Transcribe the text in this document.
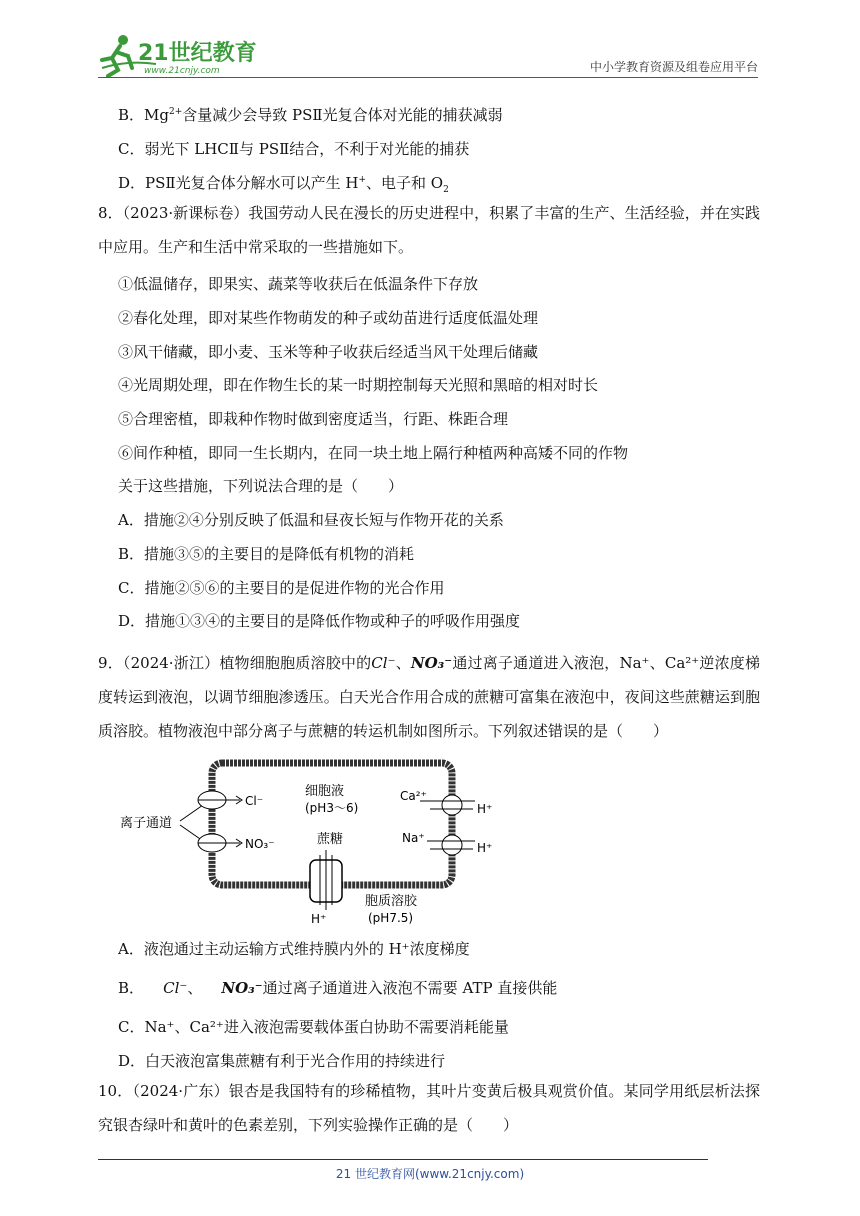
21世纪教育
www.21cnjy.com	中小学教育资源及组卷应用平台
B．$Mg^{2+}$含量减少会导致 PSⅡ光复合体对光能的捕获减弱
C．弱光下 LHCⅡ与 PSⅡ结合，不利于对光能的捕获
D．PSⅡ光复合体分解水可以产生 H+、电子和 $O_2$

8．（2023·新课标卷）我国劳动人民在漫长的历史进程中，积累了丰富的生产、生活经验，并在实践中应用。生产和生活中常采取的一些措施如下。

①低温储存，即果实、蔬菜等收获后在低温条件下存放
②春化处理，即对某些作物萌发的种子或幼苗进行适度低温处理
③风干储藏，即小麦、玉米等种子收获后经适当风干处理后储藏
④光周期处理，即在作物生长的某一时期控制每天光照和黑暗的相对时长
⑤合理密植，即栽种作物时做到密度适当，行距、株距合理
⑥间作种植，即同一生长期内，在同一块土地上隔行种植两种高矮不同的作物
关于这些措施，下列说法合理的是（　　）
A．措施②④分别反映了低温和昼夜长短与作物开花的关系
B．措施③⑤的主要目的是降低有机物的消耗
C．措施②⑤⑥的主要目的是促进作物的光合作用
D．措施①③④的主要目的是降低作物或种子的呼吸作用强度

9．（2024·浙江）植物细胞胞质溶胶中的Cl⁻、NO₃⁻通过离子通道进入液泡，Na⁺、Ca²⁺逆浓度梯度转运到液泡，以调节细胞渗透压。白天光合作用合成的蔗糖可富集在液泡中，夜间这些蔗糖运到胞质溶胶。植物液泡中部分离子与蔗糖的转运机制如图所示。下列叙述错误的是（　　）

细胞液
(pH3～6)
离子通道
Cl⁻
NO₃⁻
Ca²⁺
H⁺
Na⁺
H⁺
蔗糖
H⁺
胞质溶胶
(pH7.5)
A．液泡通过主动运输方式维持膜内外的 H⁺浓度梯度
B． Cl⁻、 NO₃⁻通过离子通道进入液泡不需要 ATP 直接供能
C．Na⁺、Ca²⁺进入液泡需要载体蛋白协助不需要消耗能量
D．白天液泡富集蔗糖有利于光合作用的持续进行

10．（2024·广东）银杏是我国特有的珍稀植物，其叶片变黄后极具观赏价值。某同学用纸层析法探究银杏绿叶和黄叶的色素差别，下列实验操作正确的是（　　）

21 世纪教育网(www.21cnjy.com)
